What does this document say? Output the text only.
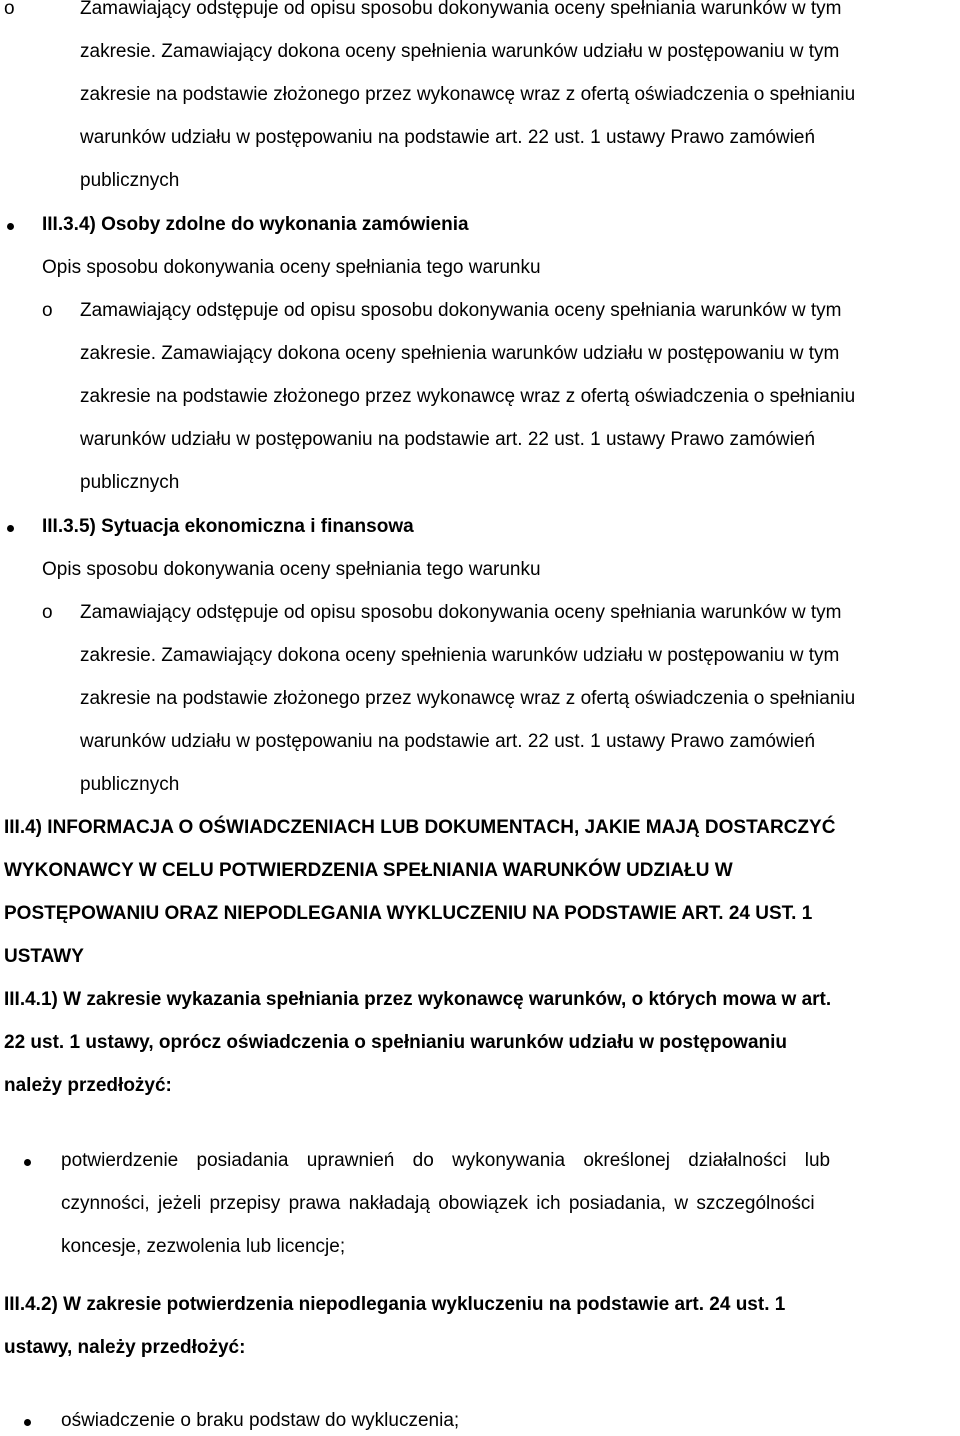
o	Zamawiający odstępuje od opisu sposobu dokonywania oceny spełniania warunków w tym
zakresie. Zamawiający dokona oceny spełnienia warunków udziału w postępowaniu w tym
zakresie na podstawie złożonego przez wykonawcę wraz z ofertą oświadczenia o spełnianiu
warunków udziału w postępowaniu na podstawie art. 22 ust. 1 ustawy Prawo zamówień
publicznych
III.3.4) Osoby zdolne do wykonania zamówienia
Opis sposobu dokonywania oceny spełniania tego warunku
o Zamawiający odstępuje od opisu sposobu dokonywania oceny spełniania warunków w tym
zakresie. Zamawiający dokona oceny spełnienia warunków udziału w postępowaniu w tym
zakresie na podstawie złożonego przez wykonawcę wraz z ofertą oświadczenia o spełnianiu
warunków udziału w postępowaniu na podstawie art. 22 ust. 1 ustawy Prawo zamówień
publicznych
III.3.5) Sytuacja ekonomiczna i finansowa
Opis sposobu dokonywania oceny spełniania tego warunku
o Zamawiający odstępuje od opisu sposobu dokonywania oceny spełniania warunków w tym
zakresie. Zamawiający dokona oceny spełnienia warunków udziału w postępowaniu w tym
zakresie na podstawie złożonego przez wykonawcę wraz z ofertą oświadczenia o spełnianiu
warunków udziału w postępowaniu na podstawie art. 22 ust. 1 ustawy Prawo zamówień
publicznych
III.4) INFORMACJA O OŚWIADCZENIACH LUB DOKUMENTACH, JAKIE MAJĄ DOSTARCZYĆ
WYKONAWCY W CELU POTWIERDZENIA SPEŁNIANIA WARUNKÓW UDZIAŁU W
POSTĘPOWANIU ORAZ NIEPODLEGANIA WYKLUCZENIU NA PODSTAWIE ART. 24 UST. 1
USTAWY
III.4.1) W zakresie wykazania spełniania przez wykonawcę warunków, o których mowa w art.
22 ust. 1 ustawy, oprócz oświadczenia o spełnianiu warunków udziału w postępowaniu
należy przedłożyć:
potwierdzenie posiadania uprawnień do wykonywania określonej działalności lub
czynności, jeżeli przepisy prawa nakładają obowiązek ich posiadania, w szczególności
koncesje, zezwolenia lub licencje;
III.4.2) W zakresie potwierdzenia niepodlegania wykluczeniu na podstawie art. 24 ust. 1
ustawy, należy przedłożyć:
oświadczenie o braku podstaw do wykluczenia;
